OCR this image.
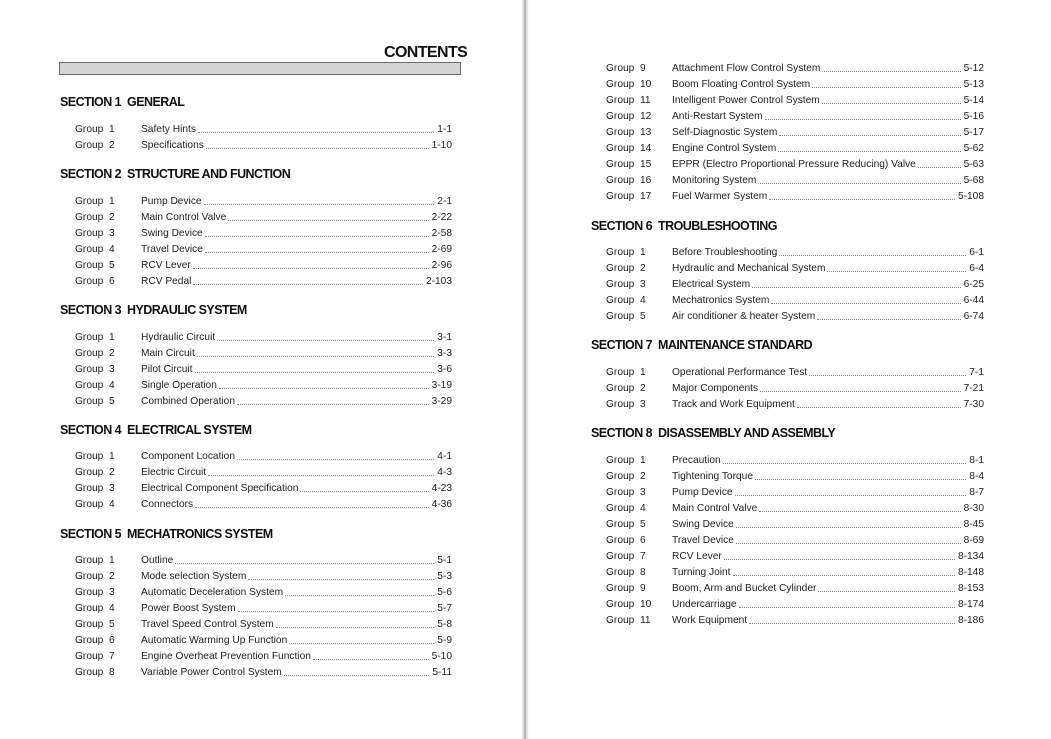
CONTENTS
SECTION 1 GENERAL
Group 1	Safety Hints	1-1
Group 2	Specifications	1-10
SECTION 2 STRUCTURE AND FUNCTION
Group 1	Pump Device	2-1
Group 2	Main Control Valve	2-22
Group 3	Swing Device	2-58
Group 4	Travel Device	2-69
Group 5	RCV Lever	2-96
Group 6	RCV Pedal	2-103
SECTION 3 HYDRAULIC SYSTEM
Group 1	Hydraulic Circuit	3-1
Group 2	Main Circuit	3-3
Group 3	Pilot Circuit	3-6
Group 4	Single Operation	3-19
Group 5	Combined Operation	3-29
SECTION 4 ELECTRICAL SYSTEM
Group 1	Component Location	4-1
Group 2	Electric Circuit	4-3
Group 3	Electrical Component Specification	4-23
Group 4	Connectors	4-36
SECTION 5 MECHATRONICS SYSTEM
Group 1	Outline	5-1
Group 2	Mode selection System	5-3
Group 3	Automatic Deceleration System	5-6
Group 4	Power Boost System	5-7
Group 5	Travel Speed Control System	5-8
Group 6	Automatic Warming Up Function	5-9
Group 7	Engine Overheat Prevention Function	5-10
Group 8	Variable Power Control System	5-11
Group 9	Attachment Flow Control System	5-12
Group 10	Boom Floating Control System	5-13
Group 11	Intelligent Power Control System	5-14
Group 12	Anti-Restart System	5-16
Group 13	Self-Diagnostic System	5-17
Group 14	Engine Control System	5-62
Group 15	EPPR (Electro Proportional Pressure Reducing) Valve	5-63
Group 16	Monitoring System	5-68
Group 17	Fuel Warmer System	5-108
SECTION 6 TROUBLESHOOTING
Group 1	Before Troubleshooting	6-1
Group 2	Hydraulic and Mechanical System	6-4
Group 3	Electrical System	6-25
Group 4	Mechatronics System	6-44
Group 5	Air conditioner & heater System	6-74
SECTION 7 MAINTENANCE STANDARD
Group 1	Operational Performance Test	7-1
Group 2	Major Components	7-21
Group 3	Track and Work Equipment	7-30
SECTION 8 DISASSEMBLY AND ASSEMBLY
Group 1	Precaution	8-1
Group 2	Tightening Torque	8-4
Group 3	Pump Device	8-7
Group 4	Main Control Valve	8-30
Group 5	Swing Device	8-45
Group 6	Travel Device	8-69
Group 7	RCV Lever	8-134
Group 8	Turning Joint	8-148
Group 9	Boom, Arm and Bucket Cylinder	8-153
Group 10	Undercarriage	8-174
Group 11	Work Equipment	8-186
